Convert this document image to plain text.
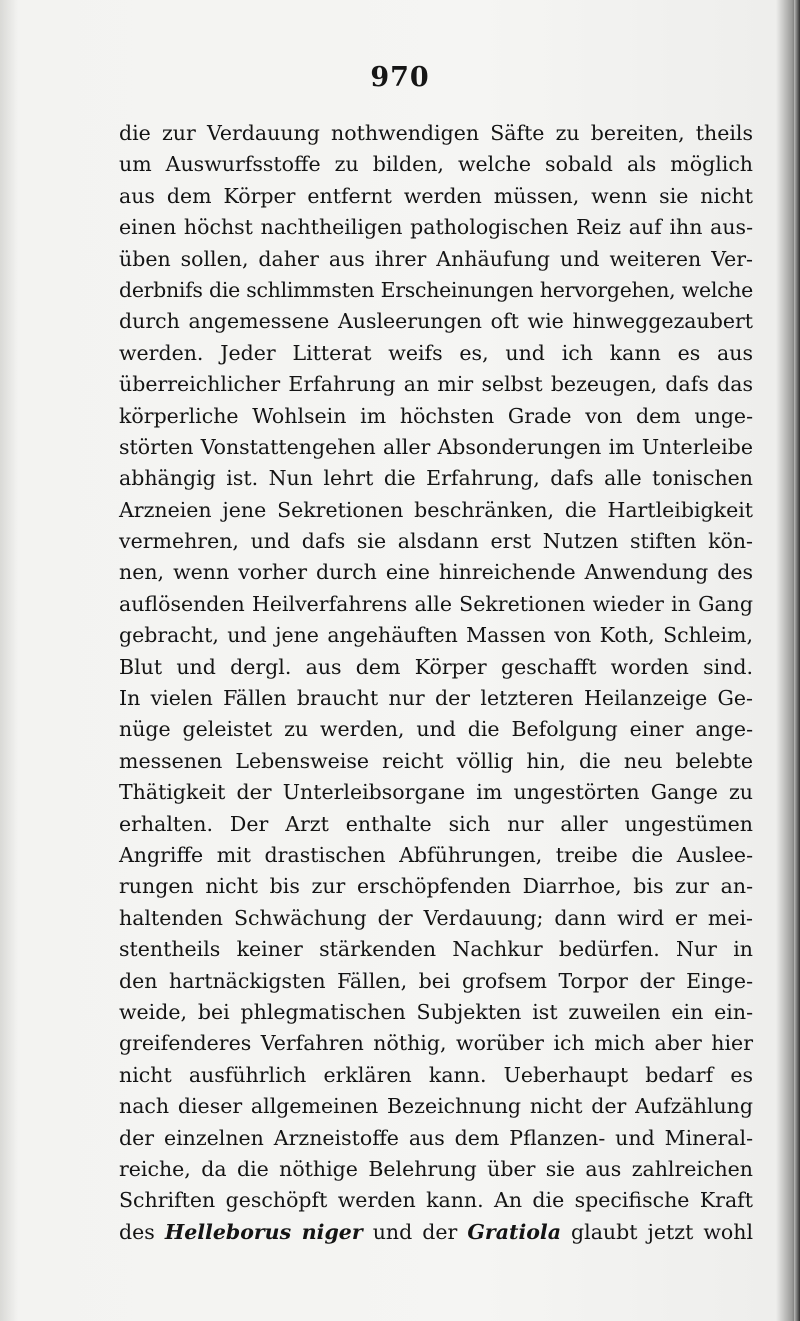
970
die zur Verdauung nothwendigen Säfte zu bereiten, theils
um Auswurfsstoffe zu bilden, welche sobald als möglich
aus dem Körper entfernt werden müssen, wenn sie nicht
einen höchst nachtheiligen pathologischen Reiz auf ihn aus-
üben sollen, daher aus ihrer Anhäufung und weiteren Ver-
derbnifs die schlimmsten Erscheinungen hervorgehen, welche
durch angemessene Ausleerungen oft wie hinweggezaubert
werden. Jeder Litterat weifs es, und ich kann es aus
überreichlicher Erfahrung an mir selbst bezeugen, dafs das
körperliche Wohlsein im höchsten Grade von dem unge-
störten Vonstattengehen aller Absonderungen im Unterleibe
abhängig ist. Nun lehrt die Erfahrung, dafs alle tonischen
Arzneien jene Sekretionen beschränken, die Hartleibigkeit
vermehren, und dafs sie alsdann erst Nutzen stiften kön-
nen, wenn vorher durch eine hinreichende Anwendung des
auflösenden Heilverfahrens alle Sekretionen wieder in Gang
gebracht, und jene angehäuften Massen von Koth, Schleim,
Blut und dergl. aus dem Körper geschafft worden sind.
In vielen Fällen braucht nur der letzteren Heilanzeige Ge-
nüge geleistet zu werden, und die Befolgung einer ange-
messenen Lebensweise reicht völlig hin, die neu belebte
Thätigkeit der Unterleibsorgane im ungestörten Gange zu
erhalten. Der Arzt enthalte sich nur aller ungestümen
Angriffe mit drastischen Abführungen, treibe die Auslee-
rungen nicht bis zur erschöpfenden Diarrhoe, bis zur an-
haltenden Schwächung der Verdauung; dann wird er mei-
stentheils keiner stärkenden Nachkur bedürfen. Nur in
den hartnäckigsten Fällen, bei grofsem Torpor der Einge-
weide, bei phlegmatischen Subjekten ist zuweilen ein ein-
greifenderes Verfahren nöthig, worüber ich mich aber hier
nicht ausführlich erklären kann. Ueberhaupt bedarf es
nach dieser allgemeinen Bezeichnung nicht der Aufzählung
der einzelnen Arzneistoffe aus dem Pflanzen- und Mineral-
reiche, da die nöthige Belehrung über sie aus zahlreichen
Schriften geschöpft werden kann. An die specifische Kraft
des Helleborus niger und der Gratiola glaubt jetzt wohl
